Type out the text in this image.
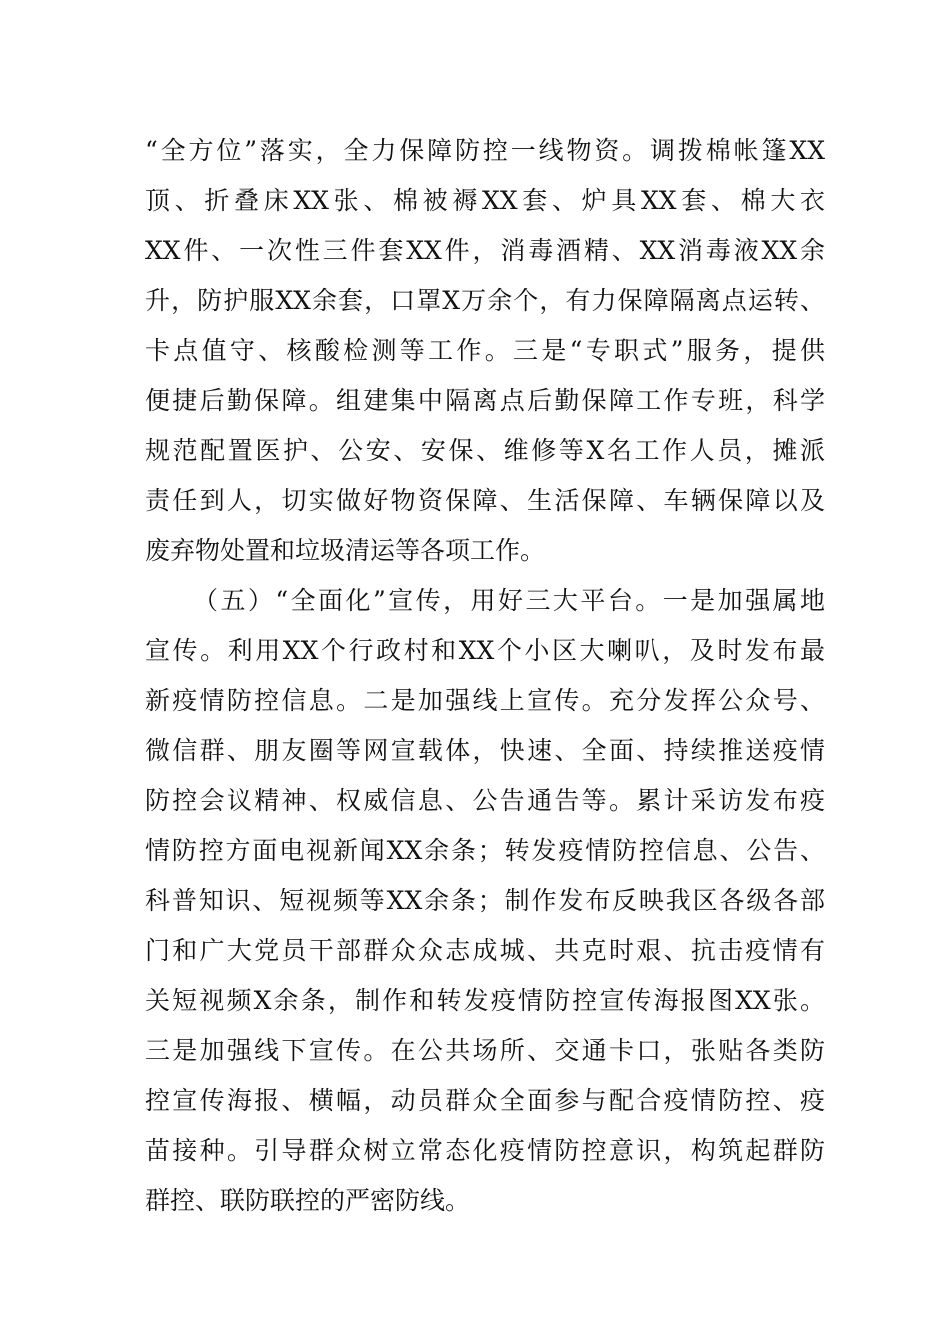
“全方位”落实，全力保障防控一线物资。调拨棉帐篷XX
顶、折叠床XX张、棉被褥XX套、炉具XX套、棉大衣
XX件、一次性三件套XX件，消毒酒精、XX消毒液XX余
升，防护服XX余套，口罩X万余个，有力保障隔离点运转、
卡点值守、核酸检测等工作。三是“专职式”服务，提供
便捷后勤保障。组建集中隔离点后勤保障工作专班，科学
规范配置医护、公安、安保、维修等X名工作人员，摊派
责任到人，切实做好物资保障、生活保障、车辆保障以及
废弃物处置和垃圾清运等各项工作。
（五）“全面化”宣传，用好三大平台。一是加强属地
宣传。利用XX个行政村和XX个小区大喇叭，及时发布最
新疫情防控信息。二是加强线上宣传。充分发挥公众号、
微信群、朋友圈等网宣载体，快速、全面、持续推送疫情
防控会议精神、权威信息、公告通告等。累计采访发布疫
情防控方面电视新闻XX余条；转发疫情防控信息、公告、
科普知识、短视频等XX余条；制作发布反映我区各级各部
门和广大党员干部群众众志成城、共克时艰、抗击疫情有
关短视频X余条，制作和转发疫情防控宣传海报图XX张。
三是加强线下宣传。在公共场所、交通卡口，张贴各类防
控宣传海报、横幅，动员群众全面参与配合疫情防控、疫
苗接种。引导群众树立常态化疫情防控意识，构筑起群防
群控、联防联控的严密防线。
